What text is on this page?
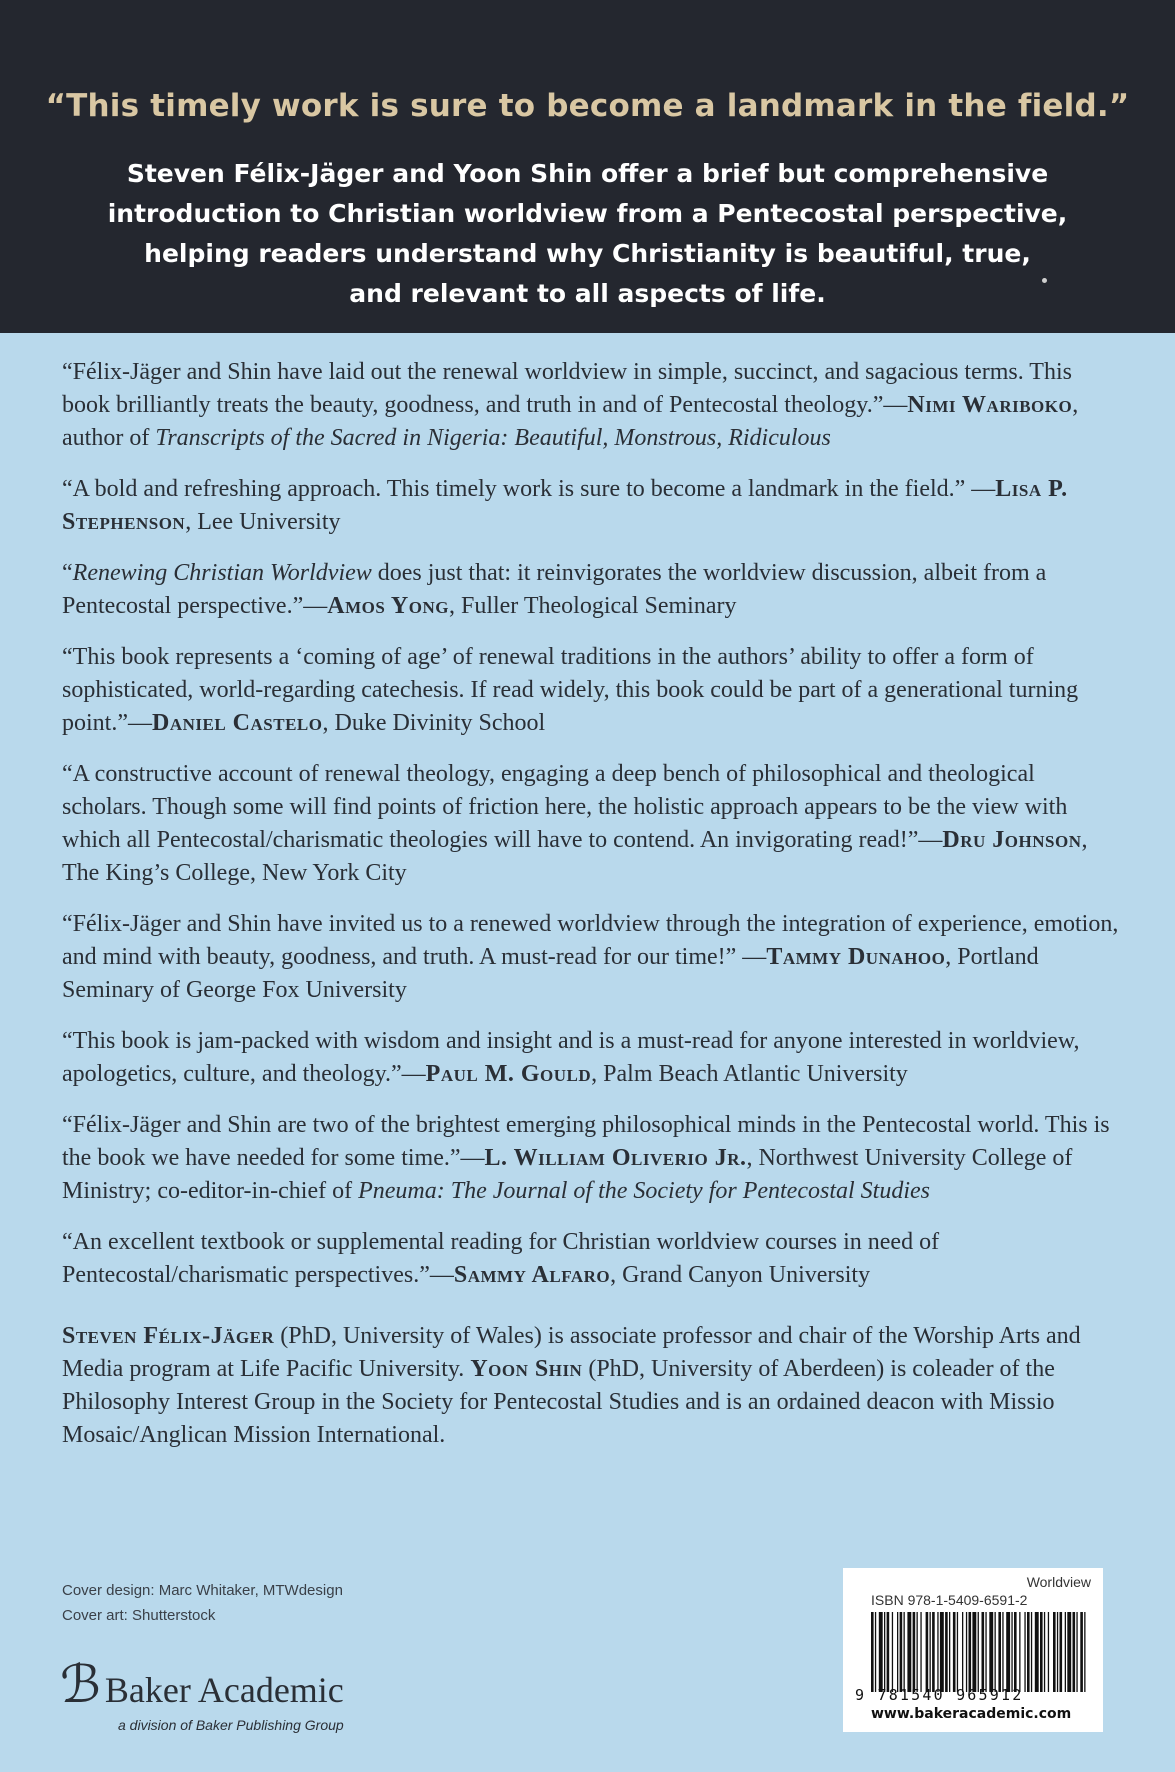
“This timely work is sure to become a landmark in the field.”

Steven Félix-Jäger and Yoon Shin offer a brief but comprehensive
introduction to Christian worldview from a Pentecostal perspective,
helping readers understand why Christianity is beautiful, true,
and relevant to all aspects of life.

“Félix-Jäger and Shin have laid out the renewal worldview in simple, succinct, and sagacious terms. This book brilliantly treats the beauty, goodness, and truth in and of Pentecostal theology.”—Nimi Wariboko, author of Transcripts of the Sacred in Nigeria: Beautiful, Monstrous, Ridiculous

“A bold and refreshing approach. This timely work is sure to become a landmark in the field.” —Lisa P. Stephenson, Lee University

“Renewing Christian Worldview does just that: it reinvigorates the worldview discussion, albeit from a Pentecostal perspective.”—Amos Yong, Fuller Theological Seminary

“This book represents a ‘coming of age’ of renewal traditions in the authors’ ability to offer a form of sophisticated, world-regarding catechesis. If read widely, this book could be part of a generational turning point.”—Daniel Castelo, Duke Divinity School

“A constructive account of renewal theology, engaging a deep bench of philosophical and theological scholars. Though some will find points of friction here, the holistic approach appears to be the view with which all Pentecostal/charismatic theologies will have to contend. An invigorating read!”—Dru Johnson, The King’s College, New York City

“Félix-Jäger and Shin have invited us to a renewed worldview through the integration of experience, emotion, and mind with beauty, goodness, and truth. A must-read for our time!” —Tammy Dunahoo, Portland Seminary of George Fox University

“This book is jam-packed with wisdom and insight and is a must-read for anyone interested in worldview, apologetics, culture, and theology.”—Paul M. Gould, Palm Beach Atlantic University

“Félix-Jäger and Shin are two of the brightest emerging philosophical minds in the Pentecostal world. This is the book we have needed for some time.”—L. William Oliverio Jr., Northwest University College of Ministry; co-editor-in-chief of Pneuma: The Journal of the Society for Pentecostal Studies

“An excellent textbook or supplemental reading for Christian worldview courses in need of Pentecostal/charismatic perspectives.”—Sammy Alfaro, Grand Canyon University

Steven Félix-Jäger (PhD, University of Wales) is associate professor and chair of the Worship Arts and Media program at Life Pacific University. Yoon Shin (PhD, University of Aberdeen) is coleader of the Philosophy Interest Group in the Society for Pentecostal Studies and is an ordained deacon with Missio Mosaic/Anglican Mission International.

Cover design: Marc Whitaker, MTWdesign
Cover art: Shutterstock
ℬ Baker Academic
a division of Baker Publishing Group
Worldview
ISBN 978-1-5409-6591-2
9 781540 965912
www.bakeracademic.com
